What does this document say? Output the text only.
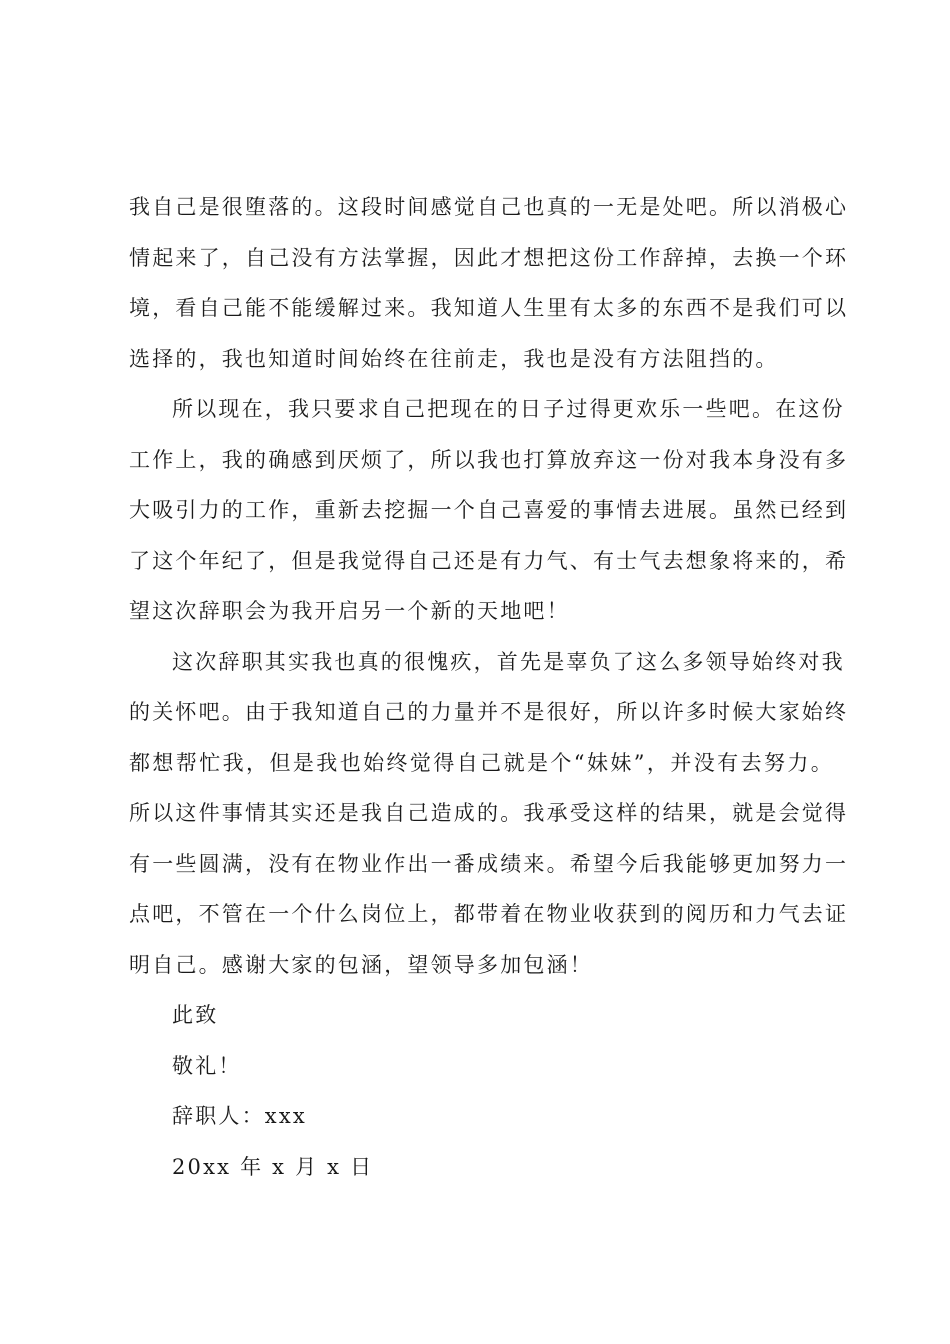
我自己是很堕落的。这段时间感觉自己也真的一无是处吧。所以消极心
情起来了，自己没有方法掌握，因此才想把这份工作辞掉，去换一个环
境，看自己能不能缓解过来。我知道人生里有太多的东西不是我们可以
选择的，我也知道时间始终在往前走，我也是没有方法阻挡的。
所以现在，我只要求自己把现在的日子过得更欢乐一些吧。在这份
工作上，我的确感到厌烦了，所以我也打算放弃这一份对我本身没有多
大吸引力的工作，重新去挖掘一个自己喜爱的事情去进展。虽然已经到
了这个年纪了，但是我觉得自己还是有力气、有士气去想象将来的，希
望这次辞职会为我开启另一个新的天地吧！
这次辞职其实我也真的很愧疚，首先是辜负了这么多领导始终对我
的关怀吧。由于我知道自己的力量并不是很好，所以许多时候大家始终
都想帮忙我，但是我也始终觉得自己就是个“妹妹”，并没有去努力。
所以这件事情其实还是我自己造成的。我承受这样的结果，就是会觉得
有一些圆满，没有在物业作出一番成绩来。希望今后我能够更加努力一
点吧，不管在一个什么岗位上，都带着在物业收获到的阅历和力气去证
明自己。感谢大家的包涵，望领导多加包涵！
此致
敬礼！
辞职人：xxx
20xx 年 x 月 x 日
